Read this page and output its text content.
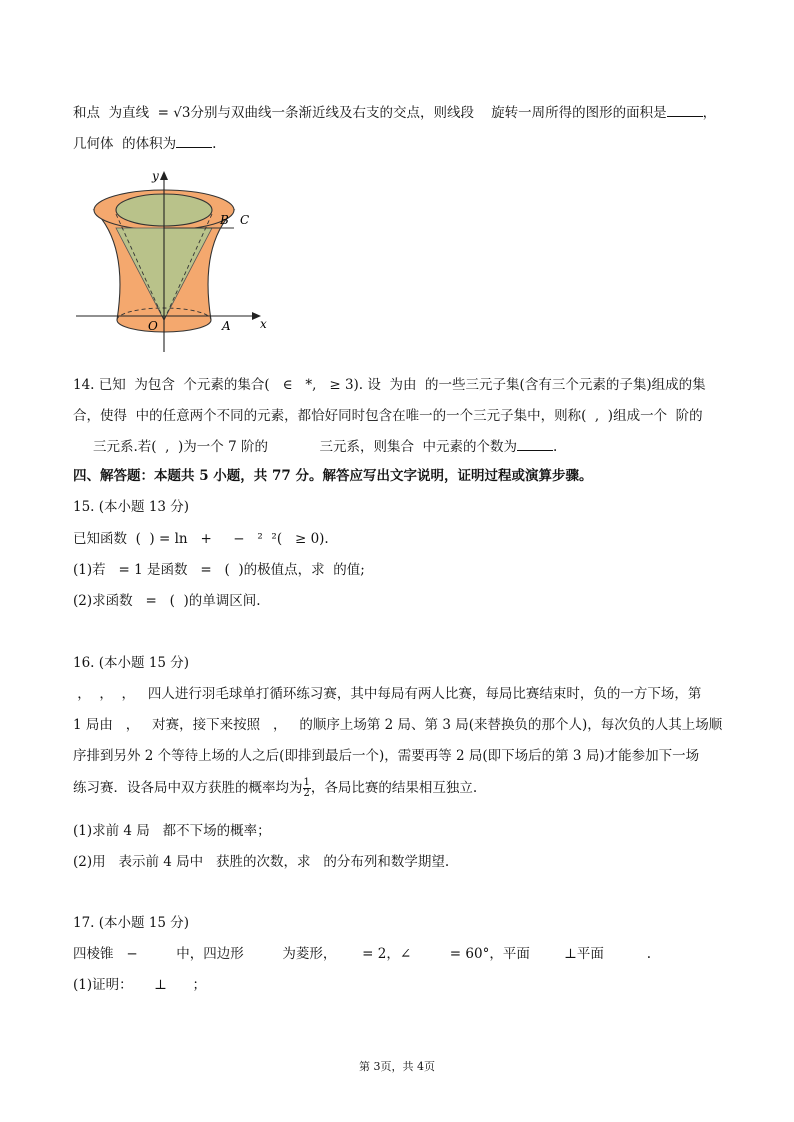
和点  为直线  = √3分别与双曲线一条渐近线及右支的交点，则线段    旋转一周所得的图形的面积是	，
几何体  的体积为	.
y
x
B C
O	A
14. 已知  为包含  个元素的集合(   ∈   *,   ≥ 3). 设  为由  的一些三元子集(含有三个元素的子集)组成的集
合，使得  中的任意两个不同的元素，都恰好同时包含在唯一的一个三元子集中，则称(  ,  )组成一个  阶的
三元系.若(  ,  )为一个 7 阶的            三元系，则集合  中元素的个数为	.
四、解答题：本题共 5 小题，共 77 分。解答应写出文字说明，证明过程或演算步骤。
15. (本小题 13 分)
已知函数  (  ) = ln   +     −   ²  ²(   ≥ 0).
(1)若   = 1 是函数   =   (  )的极值点，求  的值;
(2)求函数   =   (  )的单调区间.
16. (本小题 15 分)
，  ，  ，   四人进行羽毛球单打循环练习赛，其中每局有两人比赛，每局比赛结束时，负的一方下场，第
1 局由   ，   对赛，接下来按照   ，   的顺序上场第 2 局、第 3 局(来替换负的那个人)，每次负的人其上场顺
序排到另外 2 个等待上场的人之后(即排到最后一个)，需要再等 2 局(即下场后的第 3 局)才能参加下一场
练习赛．设各局中双方获胜的概率均为 $\frac{1}{2}$ ，各局比赛的结果相互独立.
(1)求前 4 局   都不下场的概率；
(2)用   表示前 4 局中   获胜的次数，求   的分布列和数学期望.
17. (本小题 15 分)
四棱锥   −         中，四边形         为菱形，      = 2，∠         = 60°，平面        ⊥平面          .
(1)证明：     ⊥      ；
第 3页，共 4页
